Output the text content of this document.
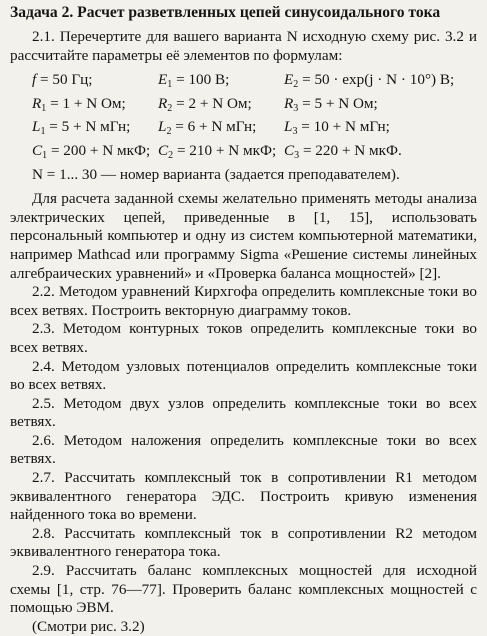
Задача 2. Расчет разветвленных цепей синусоидального тока

2.1. Перечертите для вашего варианта N исходную схему рис. 3.2 и рассчитайте параметры её элементов по формулам:

f = 50 Гц;	$E_1 = 100$ В;	$E_2 = 50 \cdot \exp(j \cdot N \cdot 10^\circ)$ В;
$R_1 = 1 + N$ Ом;	$R_2 = 2 + N$ Ом;	$R_3 = 5 + N$ Ом;
$L_1 = 5 + N$ мГн;	$L_2 = 6 + N$ мГн;	$L_3 = 10 + N$ мГн;
$C_1 = 200 + N$ мкФ; $C_2 = 210 + N$ мкФ; $C_3 = 220 + N$ мкФ.
N = 1... 30 — номер варианта (задается преподавателем).

Для расчета заданной схемы желательно применять методы анализа электрических цепей, приведенные в [1, 15], использовать персональный компьютер и одну из систем компьютерной математики, например Mathcad или программу Sigma «Решение системы линейных алгебраических уравнений» и «Проверка баланса мощностей» [2].

2.2. Методом уравнений Кирхгофа определить комплексные токи во всех ветвях. Построить векторную диаграмму токов.

2.3. Методом контурных токов определить комплексные токи во всех ветвях.

2.4. Методом узловых потенциалов определить комплексные токи во всех ветвях.

2.5. Методом двух узлов определить комплексные токи во всех ветвях.

2.6. Методом наложения определить комплексные токи во всех ветвях.

2.7. Рассчитать комплексный ток в сопротивлении R1 методом эквивалентного генератора ЭДС. Построить кривую изменения найденного тока во времени.

2.8. Рассчитать комплексный ток в сопротивлении R2 методом эквивалентного генератора тока.

2.9. Рассчитать баланс комплексных мощностей для исходной схемы [1, стр. 76—77]. Проверить баланс комплексных мощностей с помощью ЭВМ.

(Смотри рис. 3.2)
